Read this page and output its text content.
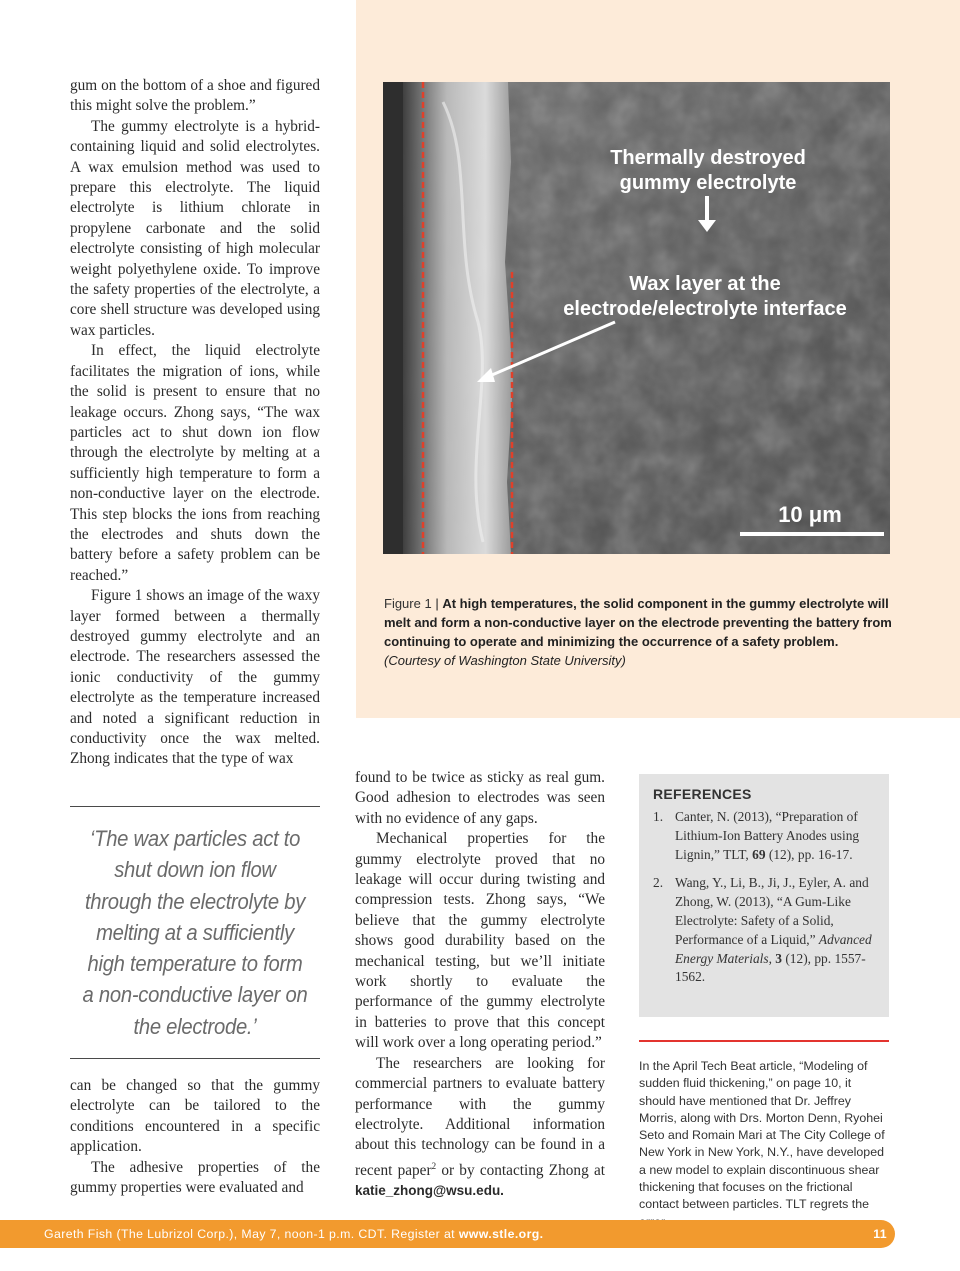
gum on the bottom of a shoe and figured this might solve the problem.”

The gummy electrolyte is a hybrid-containing liquid and solid electrolytes. A wax emulsion method was used to prepare this electrolyte. The liquid electrolyte is lithium chlorate in propylene carbonate and the solid electrolyte consisting of high molecular weight polyethylene oxide. To improve the safety properties of the electrolyte, a core shell structure was developed using wax particles.

In effect, the liquid electrolyte facilitates the migration of ions, while the solid is present to ensure that no leakage occurs. Zhong says, “The wax particles act to shut down ion flow through the electrolyte by melting at a sufficiently high temperature to form a non-conductive layer on the electrode. This step blocks the ions from reaching the electrodes and shuts down the battery before a safety problem can be reached.”

Figure 1 shows an image of the waxy layer formed between a thermally destroyed gummy electrolyte and an electrode. The researchers assessed the ionic conductivity of the gummy electrolyte as the temperature increased and noted a significant reduction in conductivity once the wax melted. Zhong indicates that the type of wax

‘The wax particles act to shut down ion flow through the electrolyte by melting at a sufficiently high temperature to form a non-conductive layer on the electrode.’

can be changed so that the gummy electrolyte can be tailored to the conditions encountered in a specific application.

The adhesive properties of the gummy properties were evaluated and

Thermally destroyed
gummy electrolyte
Wax layer at the
electrode/electrolyte interface
10 μm
Figure 1 | At high temperatures, the solid component in the gummy electrolyte will melt and form a non-conductive layer on the electrode preventing the battery from continuing to operate and minimizing the occurrence of a safety problem. (Courtesy of Washington State University)

found to be twice as sticky as real gum. Good adhesion to electrodes was seen with no evidence of any gaps.

Mechanical properties for the gummy electrolyte proved that no leakage will occur during twisting and compression tests. Zhong says, “We believe that the gummy electrolyte shows good durability based on the mechanical testing, but we’ll initiate work shortly to evaluate the performance of the gummy electrolyte in batteries to prove that this concept will work over a long operating period.”

The researchers are looking for commercial partners to evaluate battery performance with the gummy electrolyte. Additional information about this technology can be found in a recent paper$^2$ or by contacting Zhong at katie_zhong@wsu.edu.

REFERENCES
1. Canter, N. (2013), “Preparation of Lithium-Ion Battery Anodes using Lignin,” TLT, 69 (12), pp. 16-17.
2. Wang, Y., Li, B., Ji, J., Eyler, A. and Zhong, W. (2013), “A Gum-Like Electrolyte: Safety of a Solid, Performance of a Liquid,” Advanced Energy Materials, 3 (12), pp. 1557-1562.
In the April Tech Beat article, “Modeling of sudden fluid thickening,” on page 10, it should have mentioned that Dr. Jeffrey Morris, along with Drs. Morton Denn, Ryohei Seto and Romain Mari at The City College of New York in New York, N.Y., have developed a new model to explain discontinuous shear thickening that focuses on the frictional contact between particles. TLT regrets the
Gareth Fish (The Lubrizol Corp.), May 7, noon-1 p.m. CDT. Register at www.stle.org.	11
